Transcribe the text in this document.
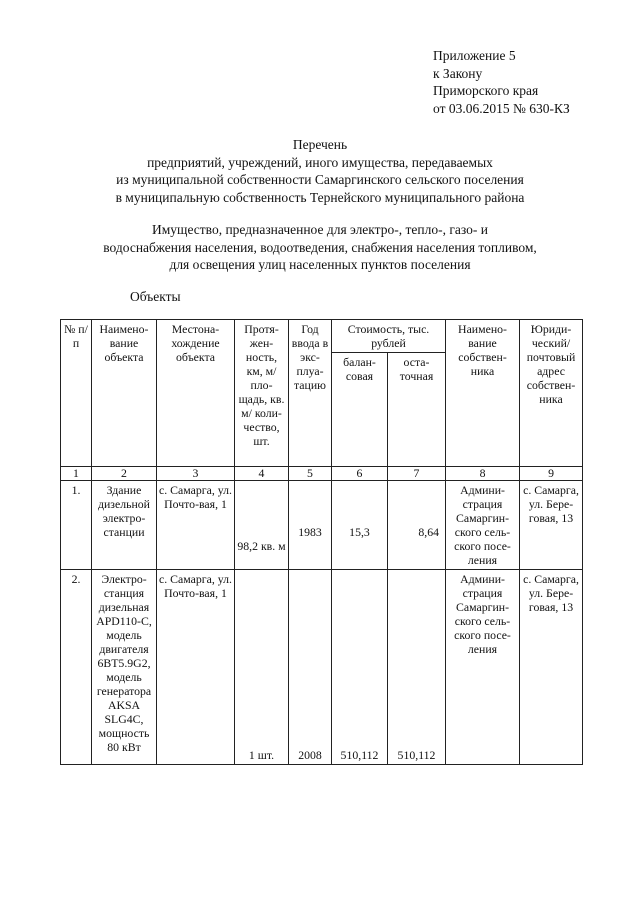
Приложение 5
к Закону
Приморского края
от 03.06.2015 № 630-КЗ
Перечень
предприятий, учреждений, иного имущества, передаваемых
из муниципальной собственности Самаргинского сельского поселения
в муниципальную собственность Тернейского муниципального района
Имущество, предназначенное для электро-, тепло-, газо- и
водоснабжения населения, водоотведения, снабжения населения топливом,
для освещения улиц населенных пунктов поселения
Объекты
№ п/п	Наимено-вание объекта	Местона-хождение объекта	Протя-жен-ность, км, м/ пло-щадь, кв. м/ коли-чество, шт.	Год ввода в экс-плуа-тацию	Стоимость, тыс. рублей		Наимено-вание собствен-ника	Юриди-ческий/ почтовый адрес собствен-ника
					балан-совая	оста-точная		
1	2	3	4	5	6	7	8	9
1.	Здание дизельной электро-станции	с. Самарга, ул. Почто-вая, 1	98,2 кв. м	1983	15,3	8,64	Админи-страция Самаргин-ского сель-ского посе-ления	с. Самарга, ул. Бере-говая, 13
2.	Электро-станция дизельная APD110-C, модель двигателя 6BT5.9G2, модель генератора AKSA SLG4C, мощность 80 кВт	с. Самарга, ул. Почто-вая, 1	1 шт.	2008	510,112	510,112	Админи-страция Самаргин-ского сель-ского посе-ления	с. Самарга, ул. Бере-говая, 13
